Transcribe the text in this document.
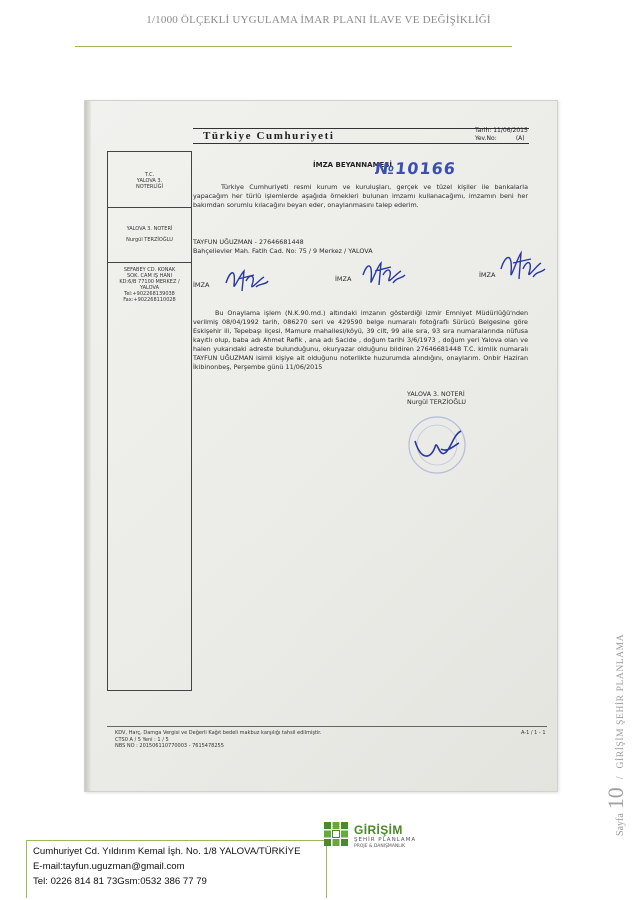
1/1000 ÖLÇEKLİ UYGULAMA İMAR PLANI İLAVE VE DEĞİŞİKLİĞİ
Türkiye Cumhuriyeti	Tarih: 11/06/2015
Yev.No:	(A)
T.C.
YALOVA 3.
NOTERLİĞİ
YALOVA 3. NOTERİ
Nurgül TERZİOĞLU
SEFABEY CD. KONAK
SOK. CAM IŞ HANI
KD:6/B 77100 MERKEZ /
YALOVA
Tel:+902268139038
Fax:+902268110028
İMZA BEYANNAMESİ
№10166
Türkiye Cumhuriyeti resmi kurum ve kuruluşları, gerçek ve tüzel kişiler ile bankalarla yapacağım her türlü işlemlerde aşağıda örnekleri bulunan imzamı kullanacağımı, imzamın beni her bakımdan sorumlu kılacağını beyan eder, onaylanmasını talep ederim.
TAYFUN UĞUZMAN - 27646681448
Bahçelievler Mah. Fatih Cad. No: 75 / 9 Merkez / YALOVA
İMZA
İMZA	İMZA
Bu Onaylama işlem (N.K.90.md.) altındaki imzanın gösterdiği izmir Emniyet Müdürlüğü'nden verilmiş 08/04/1992 tarih, 086270 seri ve 429590 belge numaralı fotoğraflı Sürücü Belgesine göre Eskişehir ili, Tepebaşı ilçesi, Mamure mahallesi/köyü, 39 cilt, 99 aile sıra, 93 sıra numaralarında nüfusa kayıtlı olup, baba adı Ahmet Refik , ana adı Sacide , doğum tarihi 3/6/1973 , doğum yeri Yalova olan ve halen yukarıdaki adreste bulunduğunu, okuryazar olduğunu bildiren 27646681448 T.C. kimlik numaralı TAYFUN UĞUZMAN isimli kişiye ait olduğunu noterlikte huzurumda alındığını, onaylarım. Onbir Haziran İkibinonbeş, Perşembe günü 11/06/2015
YALOVA 3. NOTERİ
Nurgül TERZİOĞLU
KDV, Harç, Damga Vergisi ve Değerli Kağıt bedeli makbuz karşılığı tahsil edilmiştir.
CTS0 A / 5 Yeni : 1 / 5
NBS NO : 201506110770003 - 7615478255
A-1 / 1 - 1
Sayfa 10 / GİRİŞİM ŞEHİR PLANLAMA
Cumhuriyet Cd. Yıldırım Kemal İşh. No. 1/8 YALOVA/TÜRKİYE
E-mail:tayfun.uguzman@gmail.com
Tel: 0226 814 81 73Gsm:0532 386 77 79
GİRİŞİM
ŞEHİR PLANLAMA
PROJE & DANIŞMANLIK
